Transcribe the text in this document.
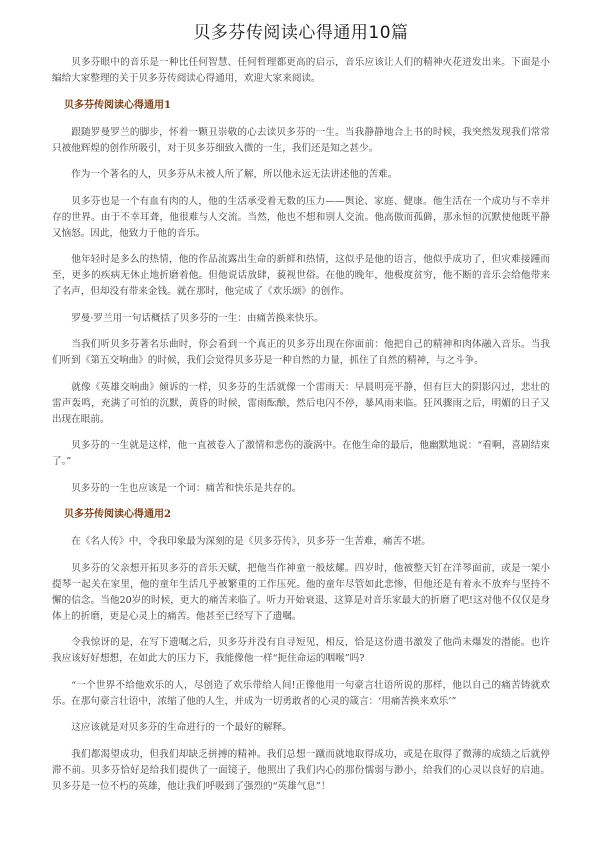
贝多芬传阅读心得通用10篇

贝多芬眼中的音乐是一种比任何智慧、任何哲理都更高的启示，音乐应该让人们的精神火花迸发出来。下面是小编给大家整理的关于贝多芬传阅读心得通用，欢迎大家来阅读。

贝多芬传阅读心得通用1

跟随罗曼罗兰的脚步，怀着一颗丑崇敬的心去读贝多芬的一生。当我静静地合上书的时候，我突然发现我们常常只被他辉煌的创作所吸引，对于贝多芬细致入微的一生，我们还是知之甚少。

作为一个著名的人，贝多芬从未被人所了解，所以他永远无法讲述他的苦难。

贝多芬也是一个有血有肉的人，他的生活承受着无数的压力——舆论、家庭、健康。他生活在一个成功与不幸并存的世界。由于不幸耳聋，他很难与人交流。当然，他也不想和别人交流。他高傲而孤僻，那永恒的沉默使他既平静又恼怒。因此，他致力于他的音乐。

他年轻时是多么的热情，他的作品流露出生命的新鲜和热情，这似乎是他的语言，他似乎成功了，但灾难接踵而至，更多的疾病无休止地折磨着他。但他说话放肆，藐视世俗。在他的晚年，他极度贫穷，他不断的音乐会给他带来了名声，但却没有带来金钱。就在那时，他完成了《欢乐颂》的创作。

罗曼·罗兰用一句话概括了贝多芬的一生：由痛苦换来快乐。

当我们听贝多芬著名乐曲时，你会看到一个真正的贝多芬出现在你面前：他把自己的精神和肉体融入音乐。当我们听到《第五交响曲》的时候，我们会觉得贝多芬是一种自然的力量，抓住了自然的精神，与之斗争。

就像《英雄交响曲》倾诉的一样，贝多芬的生活就像一个雷雨天：早晨明亮平静，但有巨大的阴影闪过，悲壮的雷声轰鸣，充满了可怕的沉默，黄昏的时候，雷雨酝酿，然后电闪不停，暴风雨来临。狂风骤雨之后，明媚的日子又出现在眼前。

贝多芬的一生就是这样，他一直被卷入了激情和悲伤的漩涡中。在他生命的最后，他幽默地说：“看啊，喜剧结束了。”

贝多芬的一生也应该是一个词：痛苦和快乐是共存的。

贝多芬传阅读心得通用2

在《名人传》中，令我印象最为深刻的是《贝多芬传》，贝多芬一生苦难，痛苦不堪。

贝多芬的父亲想开拓贝多芬的音乐天赋，把他当作神童一般炫耀。四岁时，他被整天钉在洋琴面前，或是一架小提琴一起关在家里，他的童年生活几乎被繁重的工作压死。他的童年尽管如此悲惨，但他还是有着永不放弃与坚持不懈的信念。当他20岁的时候，更大的痛苦来临了。听力开始衰退，这算是对音乐家最大的折磨了吧!这对他不仅仅是身体上的折磨，更是心灵上的痛苦。他甚至已经写下了遗嘱。

令我惊讶的是，在写下遗嘱之后，贝多芬并没有自寻短见，相反，恰是这份遗书激发了他尚未爆发的潜能。也许我应该好好想想，在如此大的压力下，我能像他一样“扼住命运的咽喉”吗?

“一个世界不给他欢乐的人，尽创造了欢乐带给人间!正像他用一句豪言壮语所说的那样，他以自己的痛苦铸就欢乐。在那句豪言壮语中，浓缩了他的人生，并成为一切勇敢者的心灵的箴言：‘用痛苦换来欢乐’”

这应该就是对贝多芬的生命进行的一个最好的解释。

我们都渴望成功，但我们却缺乏拼搏的精神。我们总想一蹴而就地取得成功，或是在取得了微薄的成绩之后就停滞不前。贝多芬恰好是给我们提供了一面镜子，他照出了我们内心的那份懦弱与渺小，给我们的心灵以良好的启迪。贝多芬是一位不朽的英雄，他让我们呼吸到了强烈的“英雄气息”！
